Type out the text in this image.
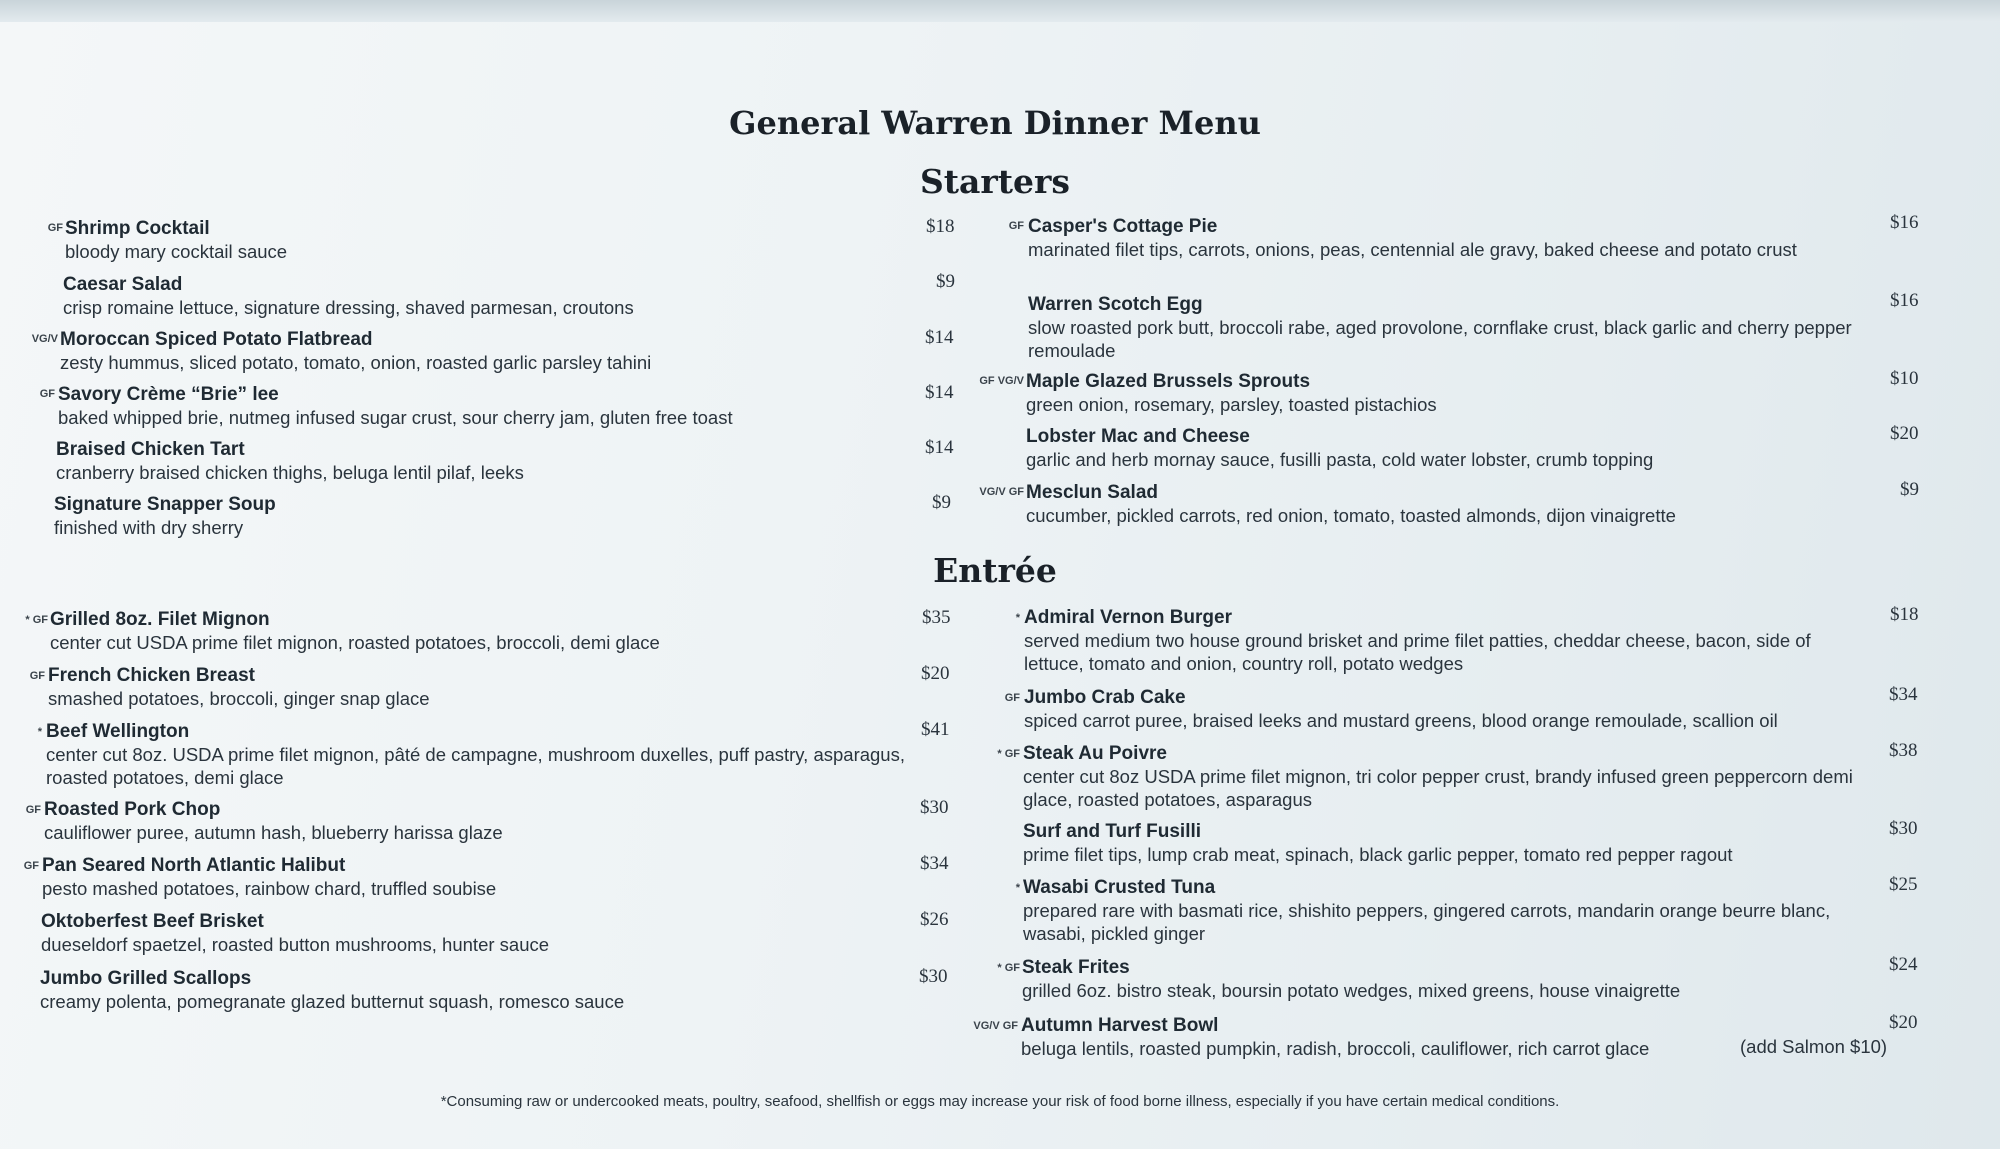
General Warren Dinner Menu
Starters
Entrée
GF Shrimp Cocktail
bloody mary cocktail sauce
$18
Caesar Salad
crisp romaine lettuce, signature dressing, shaved parmesan, croutons
$9
VG/V Moroccan Spiced Potato Flatbread
zesty hummus, sliced potato, tomato, onion, roasted garlic parsley tahini
$14
GF Savory Crème “Brie” lee
baked whipped brie, nutmeg infused sugar crust, sour cherry jam, gluten free toast
$14
Braised Chicken Tart
cranberry braised chicken thighs, beluga lentil pilaf, leeks
$14
Signature Snapper Soup
finished with dry sherry
$9
GF Casper's Cottage Pie
marinated filet tips, carrots, onions, peas, centennial ale gravy, baked cheese and potato crust
$16
Warren Scotch Egg
slow roasted pork butt, broccoli rabe, aged provolone, cornflake crust, black garlic and cherry pepper remoulade
$16
GF VG/V Maple Glazed Brussels Sprouts
green onion, rosemary, parsley, toasted pistachios
$10
Lobster Mac and Cheese
garlic and herb mornay sauce, fusilli pasta, cold water lobster, crumb topping
$20
VG/V GF Mesclun Salad
cucumber, pickled carrots, red onion, tomato, toasted almonds, dijon vinaigrette
$9
* GF Grilled 8oz. Filet Mignon
center cut USDA prime filet mignon, roasted potatoes, broccoli, demi glace
$35
GF French Chicken Breast
smashed potatoes, broccoli, ginger snap glace
$20
* Beef Wellington
center cut 8oz. USDA prime filet mignon, pâté de campagne, mushroom duxelles, puff pastry, asparagus, roasted potatoes, demi glace
$41
GF Roasted Pork Chop
cauliflower puree, autumn hash, blueberry harissa glaze
$30
GF Pan Seared North Atlantic Halibut
pesto mashed potatoes, rainbow chard, truffled soubise
$34
Oktoberfest Beef Brisket
dueseldorf spaetzel, roasted button mushrooms, hunter sauce
$26
Jumbo Grilled Scallops
creamy polenta, pomegranate glazed butternut squash, romesco sauce
$30
* Admiral Vernon Burger
served medium two house ground brisket and prime filet patties, cheddar cheese, bacon, side of lettuce, tomato and onion, country roll, potato wedges
$18
GF Jumbo Crab Cake
spiced carrot puree, braised leeks and mustard greens, blood orange remoulade, scallion oil
$34
* GF Steak Au Poivre
center cut 8oz USDA prime filet mignon, tri color pepper crust, brandy infused green peppercorn demi glace, roasted potatoes, asparagus
$38
Surf and Turf Fusilli
prime filet tips, lump crab meat, spinach, black garlic pepper, tomato red pepper ragout
$30
* Wasabi Crusted Tuna
prepared rare with basmati rice, shishito peppers, gingered carrots, mandarin orange beurre blanc, wasabi, pickled ginger
$25
* GF Steak Frites
grilled 6oz. bistro steak, boursin potato wedges, mixed greens, house vinaigrette
$24
VG/V GF Autumn Harvest Bowl
beluga lentils, roasted pumpkin, radish, broccoli, cauliflower, rich carrot glace
$20
(add Salmon $10)
*Consuming raw or undercooked meats, poultry, seafood, shellfish or eggs may increase your risk of food borne illness, especially if you have certain medical conditions.
